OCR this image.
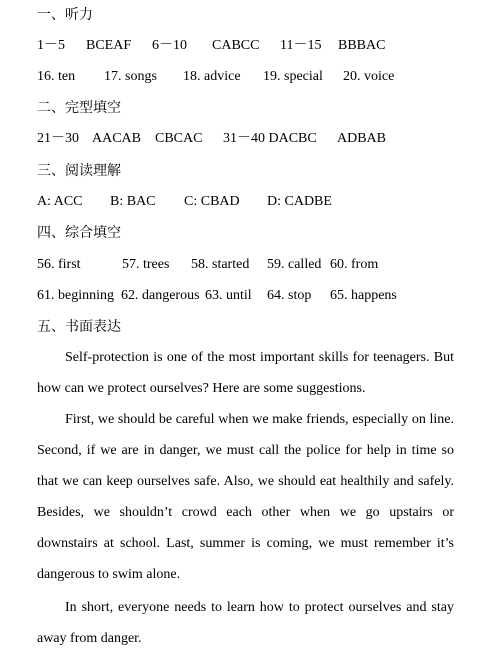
一、听力

1－5

BCEAF

6－10

CABCC

11－15

BBBAC

16. ten

17. songs

18. advice

19. special

20. voice

二、完型填空

21－30

AACAB

CBCAC

31－40 DACBC

ADBAB

三、阅读理解

A: ACC

B: BAC

C: CBAD

D: CADBE

四、综合填空

56. first

	57. trees

58. started

59. called

60. from

61. beginning

62. dangerous

63. until

64. stop

65. happens

五、书面表达
Self-protection is one of the most important skills for teenagers. But
how can we protect ourselves? Here are some suggestions.
First, we should be careful when we make friends, especially on line.
Second, if we are in danger, we must call the police for help in time so
that we can keep ourselves safe. Also, we should eat healthily and safely.
Besides, we shouldn’t crowd each other when we go upstairs or
downstairs at school. Last, summer is coming, we must remember it’s
dangerous to swim alone.
In short, everyone needs to learn how to protect ourselves and stay
away from danger.
